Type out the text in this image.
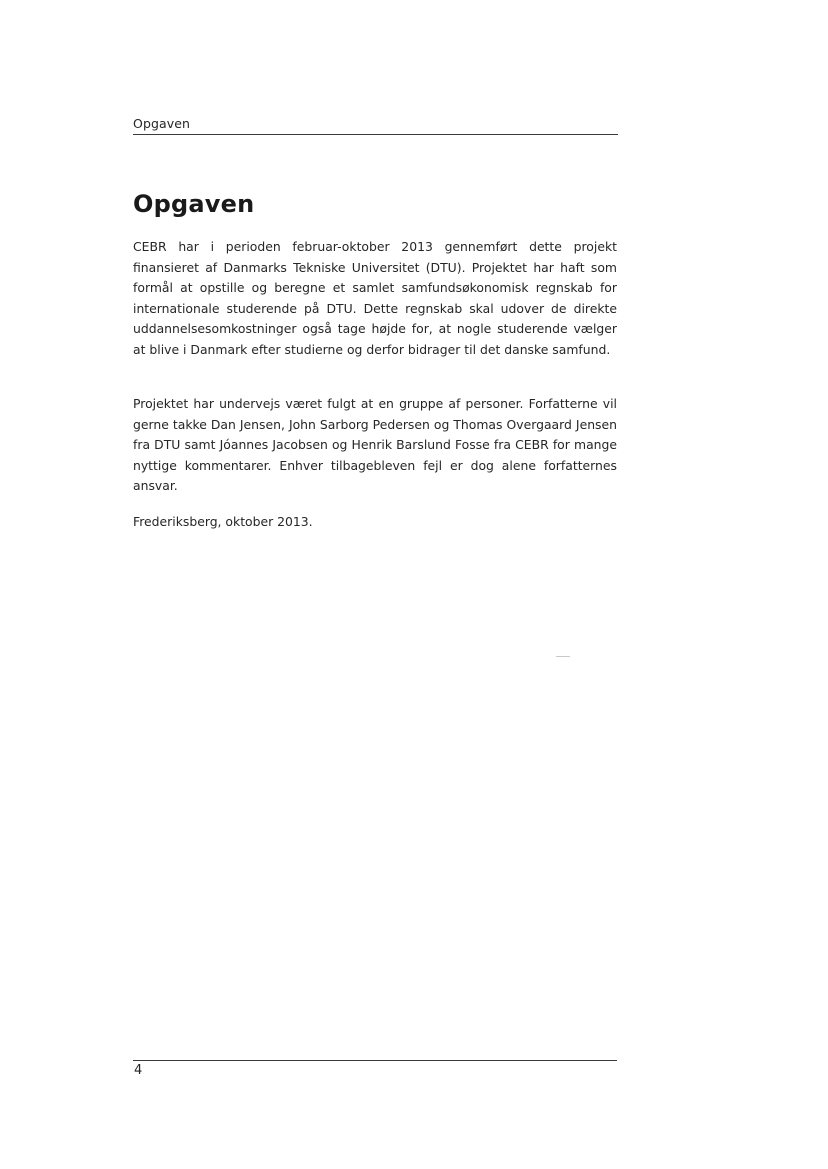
Opgaven
Opgaven

CEBR har i perioden februar-oktober 2013 gennemført dette projekt finansieret af Danmarks Tekniske Universitet (DTU). Projektet har haft som formål at opstille og beregne et samlet samfundsøkonomisk regnskab for internationale studerende på DTU. Dette regnskab skal udover de direkte uddannelsesomkostninger også tage højde for, at nogle studerende vælger at blive i Danmark efter studierne og derfor bidrager til det danske samfund.

Projektet har undervejs været fulgt at en gruppe af personer. Forfatterne vil gerne takke Dan Jensen, John Sarborg Pedersen og Thomas Overgaard Jensen fra DTU samt Jóannes Jacobsen og Henrik Barslund Fosse fra CEBR for mange nyttige kommentarer. Enhver tilbagebleven fejl er dog alene forfatternes ansvar.

Frederiksberg, oktober 2013.

4
